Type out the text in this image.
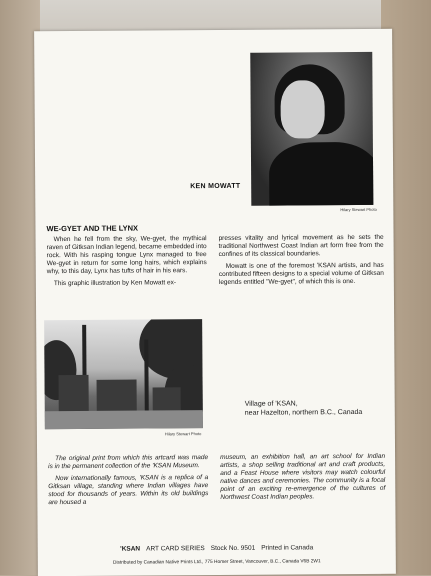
Hilary Stewart Photo
KEN MOWATT
WE-GYET AND THE LYNX

When he fell from the sky, We-gyet, the mythical raven of Gitksan Indian legend, became embedded into rock. With his rasping tongue Lynx managed to free We-gyet in return for some long hairs, which explains why, to this day, Lynx has tufts of hair in his ears.

This graphic illustration by Ken Mowatt ex-

presses vitality and lyrical movement as he sets the traditional Northwest Coast Indian art form free from the confines of its classical boundaries.

Mowatt is one of the foremost 'KSAN artists, and has contributed fifteen designs to a special volume of Gitksan legends entitled "We-gyet", of which this is one.

Hilary Stewart Photo
Village of 'KSAN,
near Hazelton, northern B.C., Canada

The original print from which this artcard was made is in the permanent collection of the 'KSAN Museum.

Now internationally famous, 'KSAN is a replica of a Gitksan village, standing where Indian villages have stood for thousands of years. Within its old buildings are housed a

museum, an exhibition hall, an art school for Indian artists, a shop selling traditional art and craft products, and a Feast House where visitors may watch colourful native dances and ceremonies. The community is a focal point of an exciting re-emergence of the cultures of Northwest Coast Indian peoples.

'KSAN ART CARD SERIES Stock No. 9501 Printed in Canada
Distributed by Canadian Native Prints Ltd., 775 Homer Street, Vancouver, B.C., Canada V6B 2W1
